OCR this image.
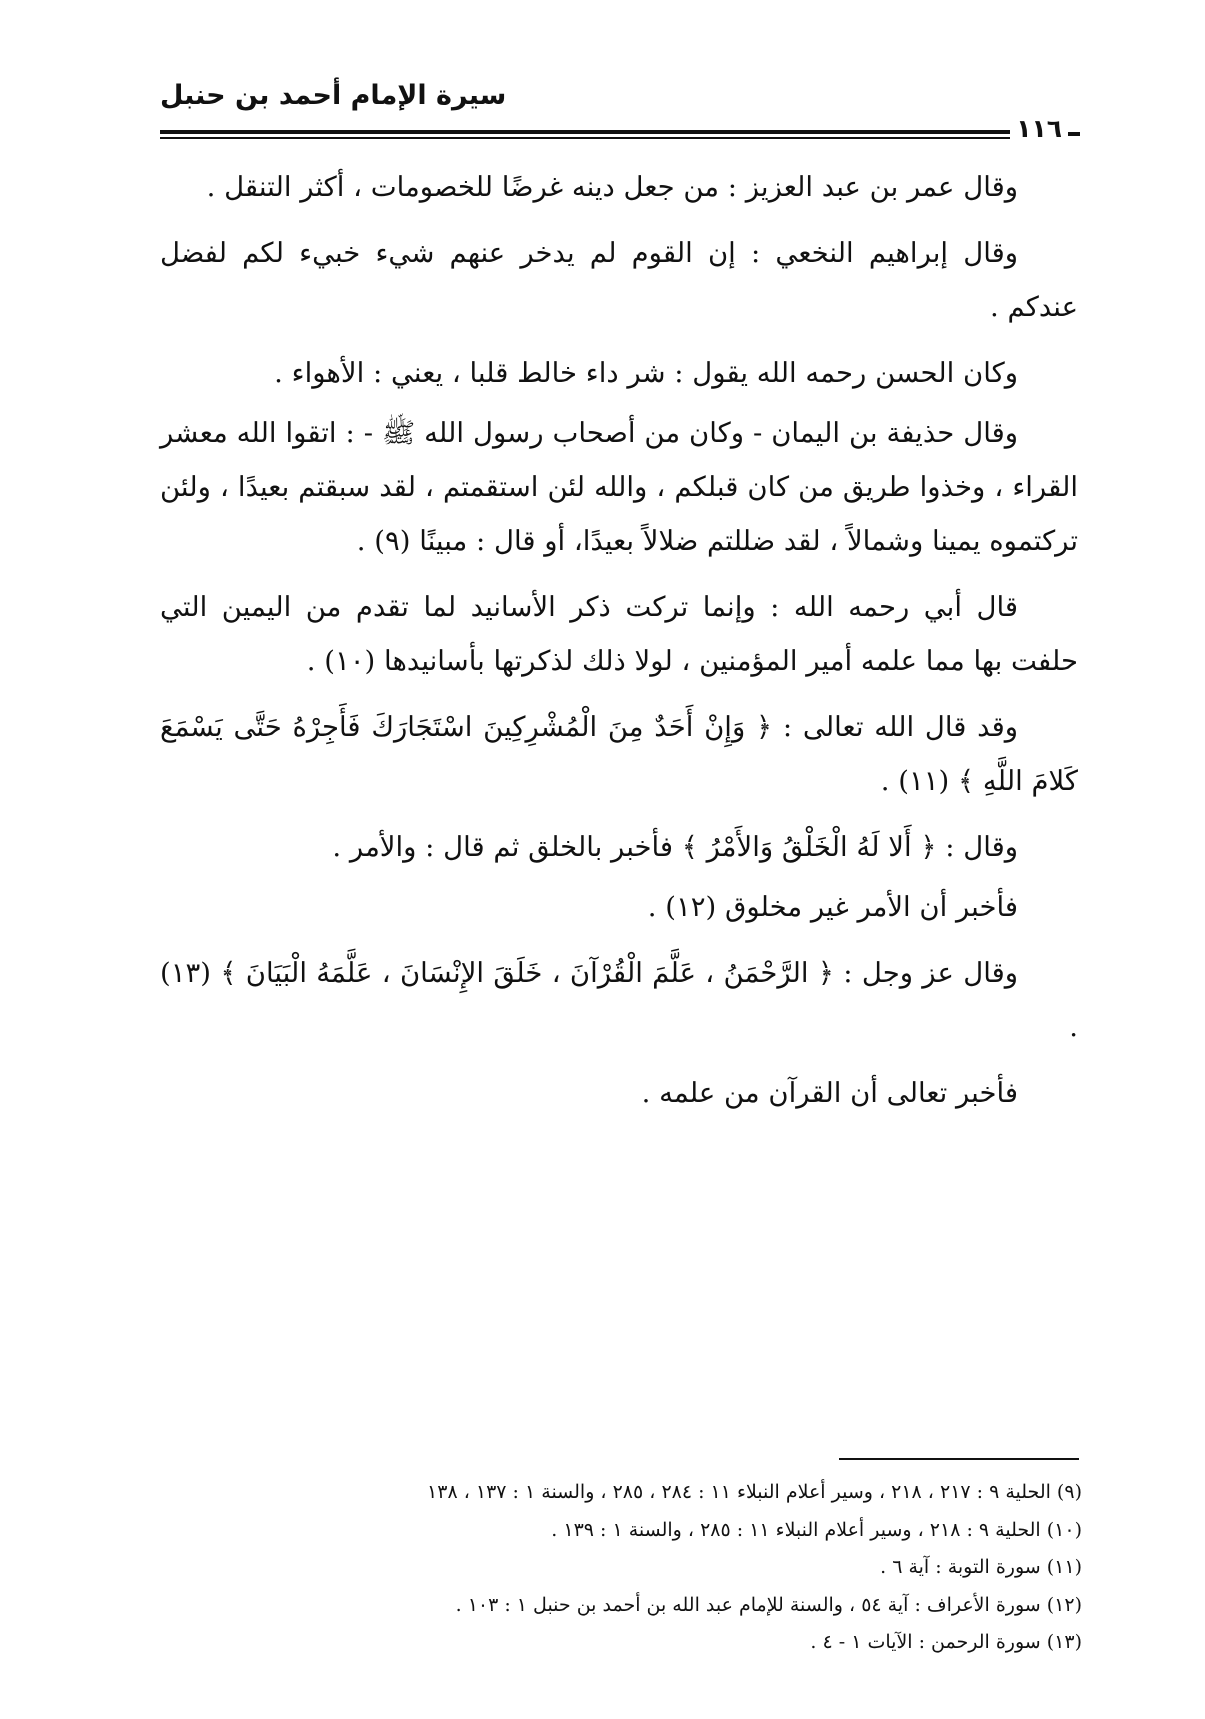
سيرة الإمام أحمد بن حنبل
١١٦

وقال عمر بن عبد العزيز : من جعل دينه غرضًا للخصومات ، أكثر التنقل .

وقال إبراهيم النخعي : إن القوم لم يدخر عنهم شيء خبيء لكم لفضل عندكم .

وكان الحسن رحمه الله يقول : شر داء خالط قلبا ، يعني : الأهواء .

وقال حذيفة بن اليمان - وكان من أصحاب رسول الله ﷺ - : اتقوا الله معشر القراء ، وخذوا طريق من كان قبلكم ، والله لئن استقمتم ، لقد سبقتم بعيدًا ، ولئن تركتموه يمينا وشمالاً ، لقد ضللتم ضلالاً بعيدًا، أو قال : مبينًا (٩) .

قال أبي رحمه الله : وإنما تركت ذكر الأسانيد لما تقدم من اليمين التي حلفت بها مما علمه أمير المؤمنين ، لولا ذلك لذكرتها بأسانيدها (١٠) .

وقد قال الله تعالى : ﴿ وَإِنْ أَحَدٌ مِنَ الْمُشْرِكِينَ اسْتَجَارَكَ فَأَجِرْهُ حَتَّى يَسْمَعَ كَلامَ اللَّهِ ﴾ (١١) .

وقال : ﴿ أَلا لَهُ الْخَلْقُ وَالأَمْرُ ﴾ فأخبر بالخلق ثم قال : والأمر .

فأخبر أن الأمر غير مخلوق (١٢) .

وقال عز وجل : ﴿ الرَّحْمَنُ ، عَلَّمَ الْقُرْآنَ ، خَلَقَ الإِنْسَانَ ، عَلَّمَهُ الْبَيَانَ ﴾ (١٣) .

فأخبر تعالى أن القرآن من علمه .

(٩) الحلية ٩ : ٢١٧ ، ٢١٨ ، وسير أعلام النبلاء ١١ : ٢٨٤ ، ٢٨٥ ، والسنة ١ : ١٣٧ ، ١٣٨

(١٠) الحلية ٩ : ٢١٨ ، وسير أعلام النبلاء ١١ : ٢٨٥ ، والسنة ١ : ١٣٩ .

(١١) سورة التوبة : آية ٦ .

(١٢) سورة الأعراف : آية ٥٤ ، والسنة للإمام عبد الله بن أحمد بن حنبل ١ : ١٠٣ .

(١٣) سورة الرحمن : الآيات ١ - ٤ .
